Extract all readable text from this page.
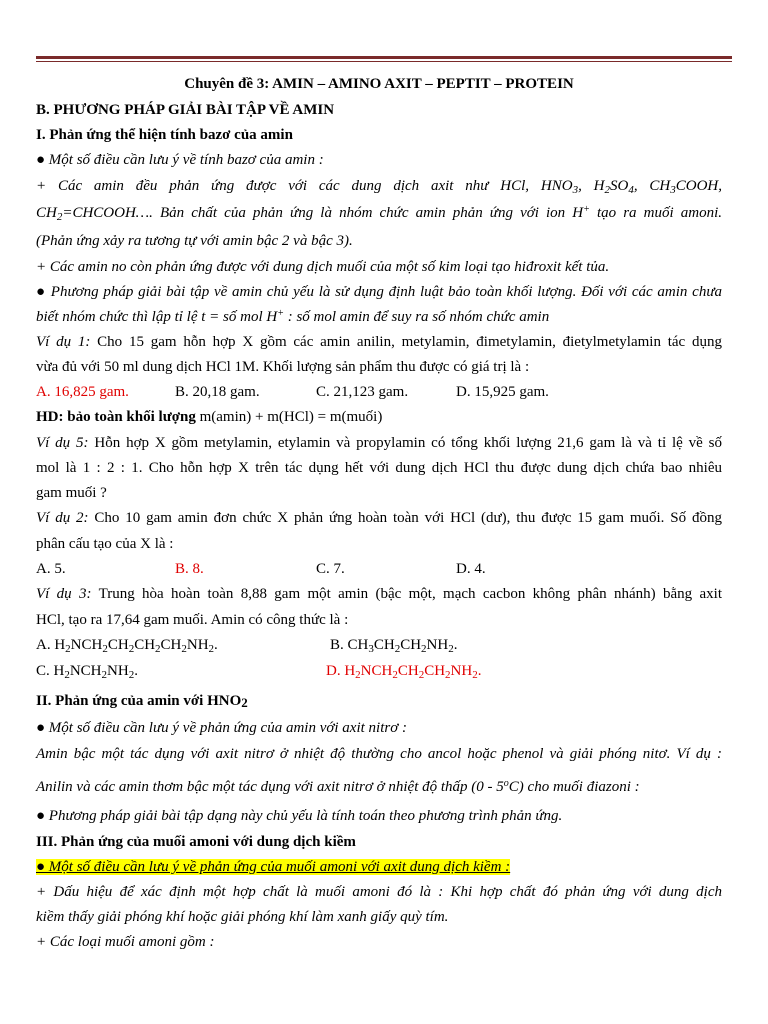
Chuyên đề 3: AMIN – AMINO AXIT – PEPTIT – PROTEIN
B. PHƯƠNG PHÁP GIẢI BÀI TẬP VỀ AMIN
I. Phản ứng thể hiện tính bazơ của amin
● Một số điều cần lưu ý về tính bazơ của amin :
+ Các amin đều phản ứng được với các dung dịch axit như HCl, $HNO_3$, $H_2SO_4$, $CH_3COOH$,
$CH_2=CHCOOH\dots$. Bản chất của phản ứng là nhóm chức amin phản ứng với ion H+ tạo ra muối amoni.
(Phản ứng xảy ra tương tự với amin bậc 2 và bậc 3).
+ Các amin no còn phản ứng được với dung dịch muối của một số kim loại tạo hiđroxit kết tủa.
● Phương pháp giải bài tập về amin chủ yếu là sử dụng định luật bảo toàn khối lượng. Đối với các amin chưa
biết nhóm chức thì lập tỉ lệ t = số mol H+ : số mol amin để suy ra số nhóm chức amin
Ví dụ 1: Cho 15 gam hỗn hợp X gồm các amin anilin, metylamin, đimetylamin, đietylmetylamin tác dụng
vừa đủ với 50 ml dung dịch HCl 1M. Khối lượng sản phẩm thu được có giá trị là :
A. 16,825 gam.	B. 20,18 gam.	C. 21,123 gam.	D. 15,925 gam.
HD: bảo toàn khối lượng m(amin) + m(HCl) = m(muối)
Ví dụ 5: Hỗn hợp X gồm metylamin, etylamin và propylamin có tổng khối lượng 21,6 gam là và tỉ lệ về số
mol là 1 : 2 : 1. Cho hỗn hợp X trên tác dụng hết với dung dịch HCl thu được dung dịch chứa bao nhiêu
gam muối ?
Ví dụ 2: Cho 10 gam amin đơn chức X phản ứng hoàn toàn với HCl (dư), thu được 15 gam muối. Số đồng
phân cấu tạo của X là :
A. 5.	B. 8.	C. 7.	D. 4.
Ví dụ 3: Trung hòa hoàn toàn 8,88 gam một amin (bậc một, mạch cacbon không phân nhánh) bằng axit
HCl, tạo ra 17,64 gam muối. Amin có công thức là :
A. $H_2NCH_2CH_2CH_2CH_2NH_2$.	B. $CH_3CH_2CH_2NH_2$.
C. $H_2NCH_2NH_2$.	D. $H_2NCH_2CH_2CH_2NH_2$.
II. Phản ứng của amin với $HNO_2$
● Một số điều cần lưu ý về phản ứng của amin với axit nitrơ :
Amin bậc một tác dụng với axit nitrơ ở nhiệt độ thường cho ancol hoặc phenol và giải phóng nitơ. Ví dụ :
Anilin và các amin thơm bậc một tác dụng với axit nitrơ ở nhiệt độ thấp (0 - 5$^o$C) cho muối điazoni :
● Phương pháp giải bài tập dạng này chủ yếu là tính toán theo phương trình phản ứng.
III. Phản ứng của muối amoni với dung dịch kiềm
● Một số điều cần lưu ý về phản ứng của muối amoni với axit dung dịch kiềm :
+ Dấu hiệu để xác định một hợp chất là muối amoni đó là : Khi hợp chất đó phản ứng với dung dịch
kiềm thấy giải phóng khí hoặc giải phóng khí làm xanh giấy quỳ tím.
+ Các loại muối amoni gồm :
